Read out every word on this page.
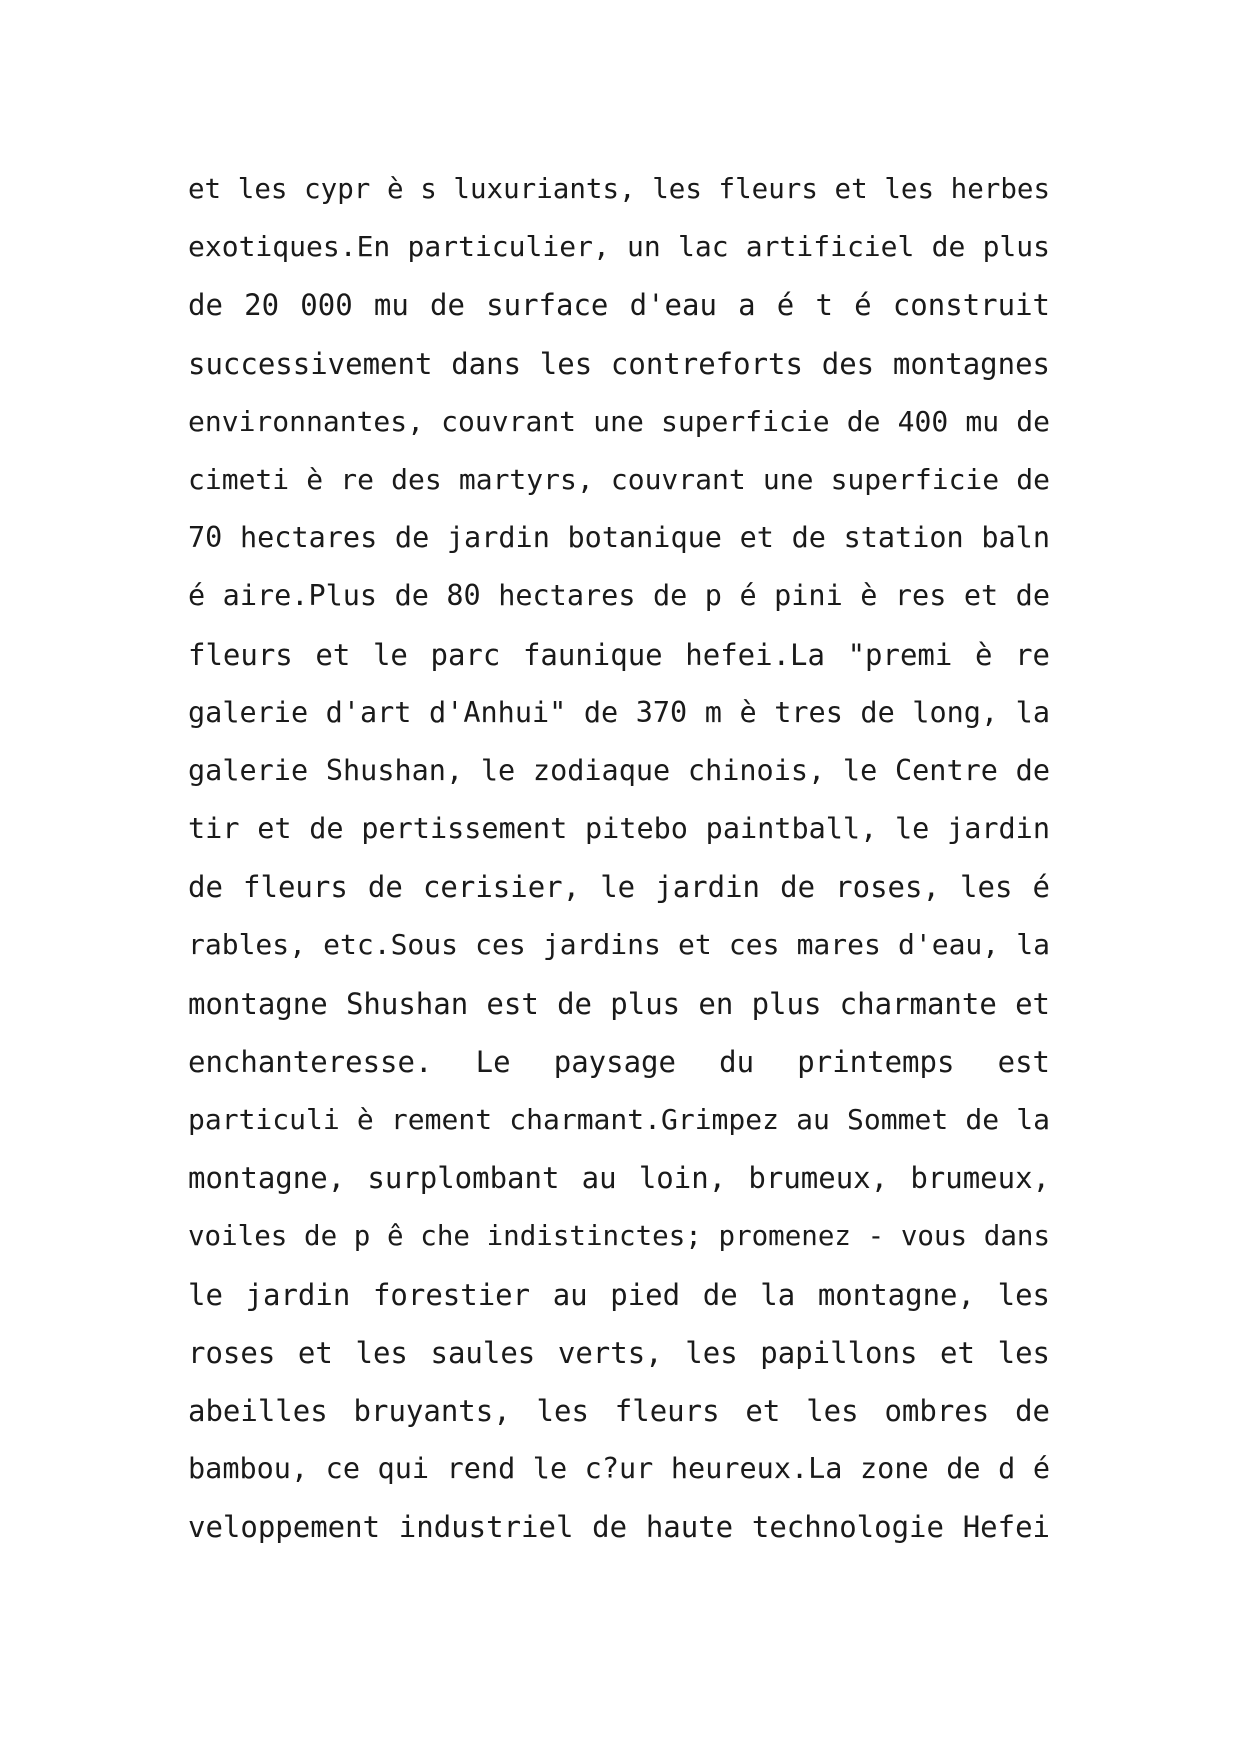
et les cypr è s luxuriants, les fleurs et les herbes
exotiques.En particulier, un lac artificiel de plus
de 20 000 mu de surface d'eau a é t é construit
successivement dans les contreforts des montagnes
environnantes, couvrant une superficie de 400 mu de
cimeti è re des martyrs, couvrant une superficie de
70 hectares de jardin botanique et de station baln
é aire.Plus de 80 hectares de p é pini è res et de
fleurs et le parc faunique hefei.La "premi è re
galerie d'art d'Anhui" de 370 m è tres de long, la
galerie Shushan, le zodiaque chinois, le Centre de
tir et de pertissement pitebo paintball, le jardin
de fleurs de cerisier, le jardin de roses, les é
rables, etc.Sous ces jardins et ces mares d'eau, la
montagne Shushan est de plus en plus charmante et
enchanteresse. Le paysage du printemps est
particuli è rement charmant.Grimpez au Sommet de la
montagne, surplombant au loin, brumeux, brumeux,
voiles de p ê che indistinctes; promenez - vous dans
le jardin forestier au pied de la montagne, les
roses et les saules verts, les papillons et les
abeilles bruyants, les fleurs et les ombres de
bambou, ce qui rend le c?ur heureux.La zone de d é
veloppement industriel de haute technologie Hefei
